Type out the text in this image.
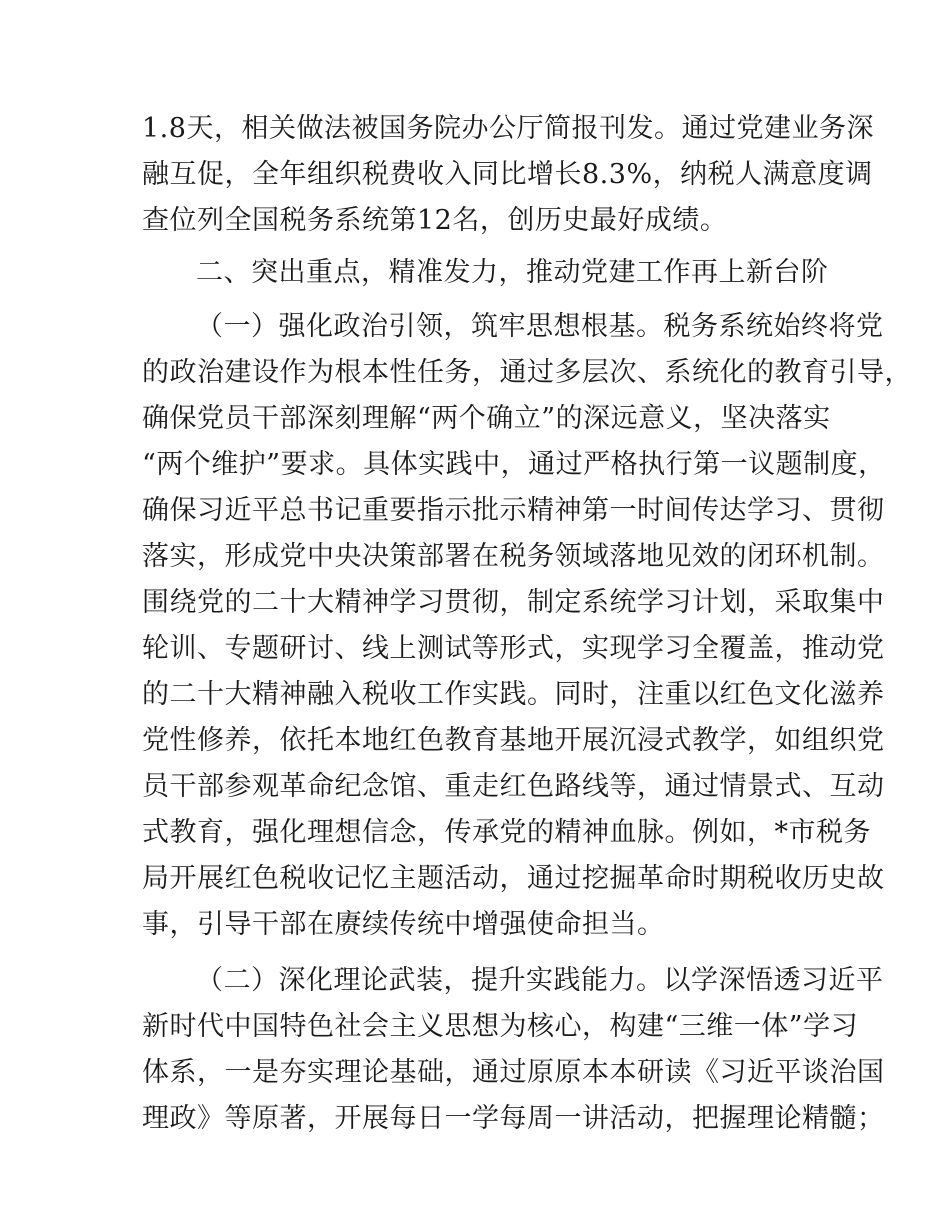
1.8天，相关做法被国务院办公厅简报刊发。通过党建业务深
融互促，全年组织税费收入同比增长8.3%，纳税人满意度调
查位列全国税务系统第12名，创历史最好成绩。
二、突出重点，精准发力，推动党建工作再上新台阶
（一）强化政治引领，筑牢思想根基。税务系统始终将党
的政治建设作为根本性任务，通过多层次、系统化的教育引导，
确保党员干部深刻理解“两个确立”的深远意义，坚决落实
“两个维护”要求。具体实践中，通过严格执行第一议题制度，
确保习近平总书记重要指示批示精神第一时间传达学习、贯彻
落实，形成党中央决策部署在税务领域落地见效的闭环机制。
围绕党的二十大精神学习贯彻，制定系统学习计划，采取集中
轮训、专题研讨、线上测试等形式，实现学习全覆盖，推动党
的二十大精神融入税收工作实践。同时，注重以红色文化滋养
党性修养，依托本地红色教育基地开展沉浸式教学，如组织党
员干部参观革命纪念馆、重走红色路线等，通过情景式、互动
式教育，强化理想信念，传承党的精神血脉。例如，*市税务
局开展红色税收记忆主题活动，通过挖掘革命时期税收历史故
事，引导干部在赓续传统中增强使命担当。
（二）深化理论武装，提升实践能力。以学深悟透习近平
新时代中国特色社会主义思想为核心，构建“三维一体”学习
体系，一是夯实理论基础，通过原原本本研读《习近平谈治国
理政》等原著，开展每日一学每周一讲活动，把握理论精髓；
